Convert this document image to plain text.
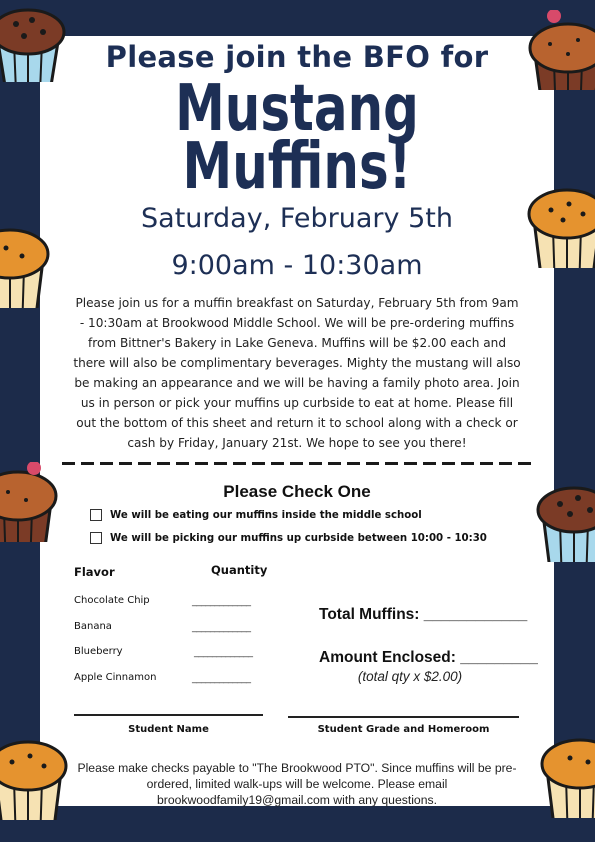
Please join the BFO for
Mustang
Muffins!
Saturday, February 5th
9:00am - 10:30am
Please join us for a muffin breakfast on Saturday, February 5th from 9am - 10:30am at Brookwood Middle School. We will be pre-ordering muffins from Bittner's Bakery in Lake Geneva. Muffins will be $2.00 each and there will also be complimentary beverages. Mighty the mustang will also be making an appearance and we will be having a family photo area. Join us in person or pick your muffins up curbside to eat at home. Please fill out the bottom of this sheet and return it to school along with a check or cash by Friday, January 21st. We hope to see you there!
Please Check One
We will be eating our muffins inside the middle school
We will be picking our muffins up curbside between 10:00 - 10:30
Flavor	Quantity
Chocolate Chip
Banana
Blueberry
Apple Cinnamon
_____________
_____________
_____________
_____________
Total Muffins: ____________
Amount Enclosed: _________
(total qty x $2.00)
Student Name	Student Grade and Homeroom
Please make checks payable to "The Brookwood PTO". Since muffins will be pre-ordered, limited walk-ups will be welcome. Please email brookwoodfamily19@gmail.com with any questions.
